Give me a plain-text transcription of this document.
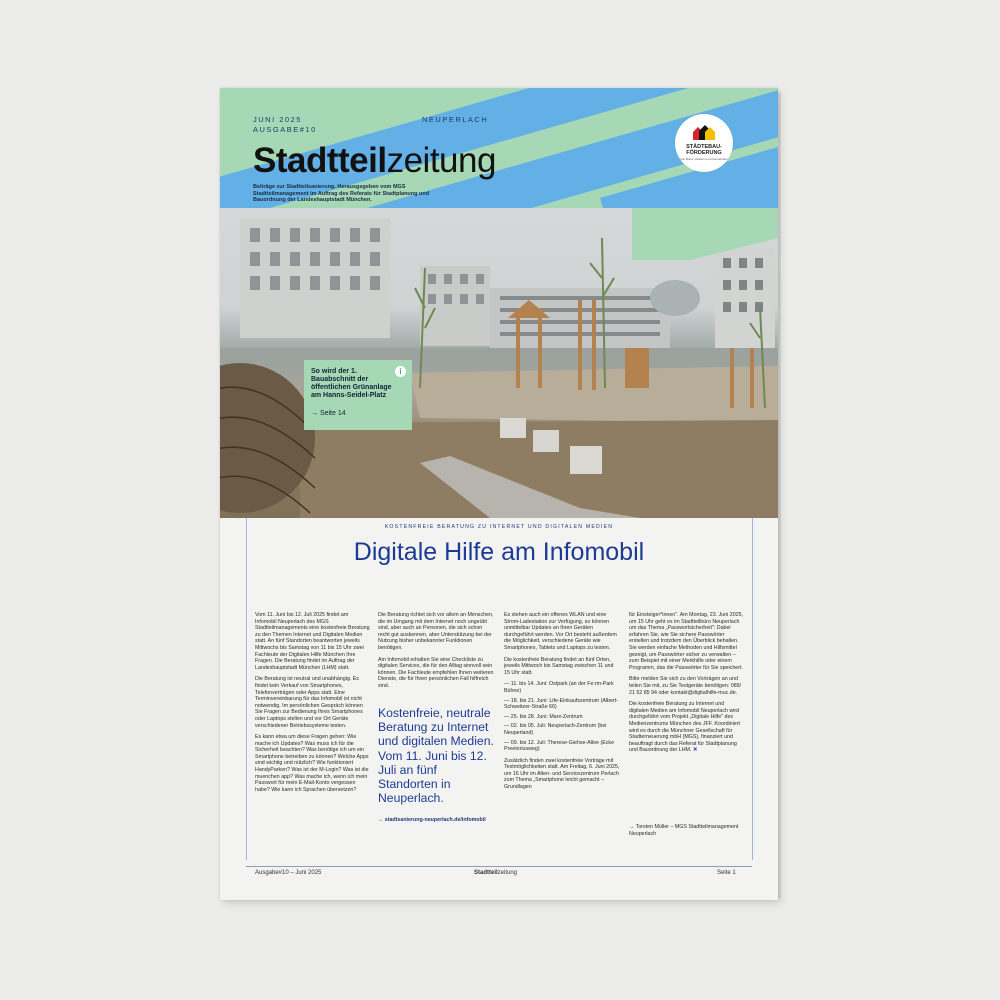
JUNI 2025
AUSGABE#10
NEUPERLACH
Stadtteilzeitung
Beiträge zur Stadtteilsanierung. Herausgegeben vom MGS Stadtteilmanagement im Auftrag des Referats für Stadtplanung und Bauordnung der Landeshauptstadt München.
STÄDTEBAU-FÖRDERUNG
von Bund, Ländern und Gemeinden
So wird der 1. Bauabschnitt der öffentlichen Grünanlage am Hanns-Seidel-Platz
→ Seite 14
i
KOSTENFREIE BERATUNG ZU INTERNET UND DIGITALEN MEDIEN
Digitale Hilfe am Infomobil

Vom 11. Juni bis 12. Juli 2025 findet am Infomobil Neuperlach des MGS Stadtteilmanagements eine kostenfreie Beratung zu den Themen Internet und Digitalen Medien statt. An fünf Standorten beantworten jeweils Mittwochs bis Samstag von 11 bis 15 Uhr zwei Fachleute der Digitalen Hilfe München Ihre Fragen. Die Beratung findet im Auftrag der Landeshauptstadt München (LHM) statt.

Die Beratung ist neutral und unabhängig. Es findet kein Verkauf von Smartphones, Telefonverträgen oder Apps statt. Eine Terminvereinbarung für das Infomobil ist nicht notwendig. Im persönlichen Gespräch können Sie Fragen zur Bedienung Ihres Smartphones oder Laptops stellen und vor Ort Geräte verschiedener Betriebssysteme testen.

Es kann etwa um diese Fragen gehen: Wie mache ich Updates? Was muss ich für die Sicherheit beachten? Was benötige ich um ein Smartphone betreiben zu können? Welche Apps sind wichtig und nützlich? Wie funktioniert HandyParken? Was ist der M-Login? Was ist die muenchen app? Was mache ich, wenn ich mein Passwort für mein E-Mail-Konto vergessen habe? Wie kann ich Sprachen übersetzen?

Die Beratung richtet sich vor allem an Menschen, die im Umgang mit dem Internet noch ungeübt sind, aber auch an Personen, die sich schon recht gut auskennen, aber Unterstützung bei der Nutzung bisher unbekannter Funktionen benötigen.

Am Infomobil erhalten Sie eine Checkliste zu digitalen Services, die für den Alltag sinnvoll sein können. Die Fachleute empfehlen Ihnen weiteren Dienste, die für Ihren persönlichen Fall hilfreich sind.

Kostenfreie, neutrale Beratung zu Internet und digitalen Medien. Vom 11. Juni bis 12. Juli an fünf Standorten in Neuperlach.
→ stadtsanierung-neuperlach.de/infomobil

Es stehen auch ein offenes WLAN und eine Strom-Ladestation zur Verfügung, so können unmittelbar Updates an Ihren Geräten durchgeführt werden. Vor Ort besteht außerdem die Möglichkeit, verschiedene Geräte wie Smartphones, Tablets und Laptops zu testen.

Die kostenfreie Beratung findet an fünf Orten, jeweils Mittwoch bis Samstag zwischen 11 und 15 Uhr statt.

— 11. bis 14. Juni: Ostpark (an der Fe:rm-Park Bühne)
— 18. bis 21. Juni: Life-Einkaufszentrum (Albert-Schweitzer-Straße 66)
— 25. bis 28. Juni: Marx-Zentrum
— 02. bis 05. Juli: Neuperlach-Zentrum (bei Neuperland)
— 09. bis 12. Juli: Therese-Giehse-Allee (Ecke Preetoriusweg)

Zusätzlich finden zwei kostenfreie Vorträge mit Testmöglichkeiten statt. Am Freitag, 6. Juni 2025, um 16 Uhr im Alten- und Servicezentrum Perlach zum Thema „Smartphone leicht gemacht – Grundlagen

für Einsteiger*innen". Am Montag, 23. Juni 2025, um 15 Uhr geht es im Stadtteilbüro Neuperlach um das Thema „Passwortsicherheit": Dabei erfahren Sie, wie Sie sichere Passwörter erstellen und trotzdem den Überblick behalten. Sie werden einfache Methoden und Hilfsmittel gezeigt, um Passwörter sicher zu verwalten – zum Beispiel mit einer Merkhilfe oder einem Programm, das die Passwörter für Sie speichert.

Bitte melden Sie sich zu den Vorträgen an und teilen Sie mit, zu Sie Testgeräte benötigen: 089/ 21 52 85 94 oder kontakt@digitalhilfe-muc.de.

Die kostenfreie Beratung zu Internet und digitalen Medien am Infomobil Neuperlach wird durchgeführt vom Projekt „Digitale Hilfe" des Medienzentrums München des JFF. Koordiniert wird es durch die Münchner Gesellschaft für Stadterneuerung mbH (MGS), finanziert und beauftragt durch das Referat für Stadtplanung und Bauordnung der LHM. ✕

→ Torsten Müller – MGS Stadtteilmanagement Neuperlach
Ausgabe#10 – Juni 2025	Stadtteilzeitung	Seite 1
